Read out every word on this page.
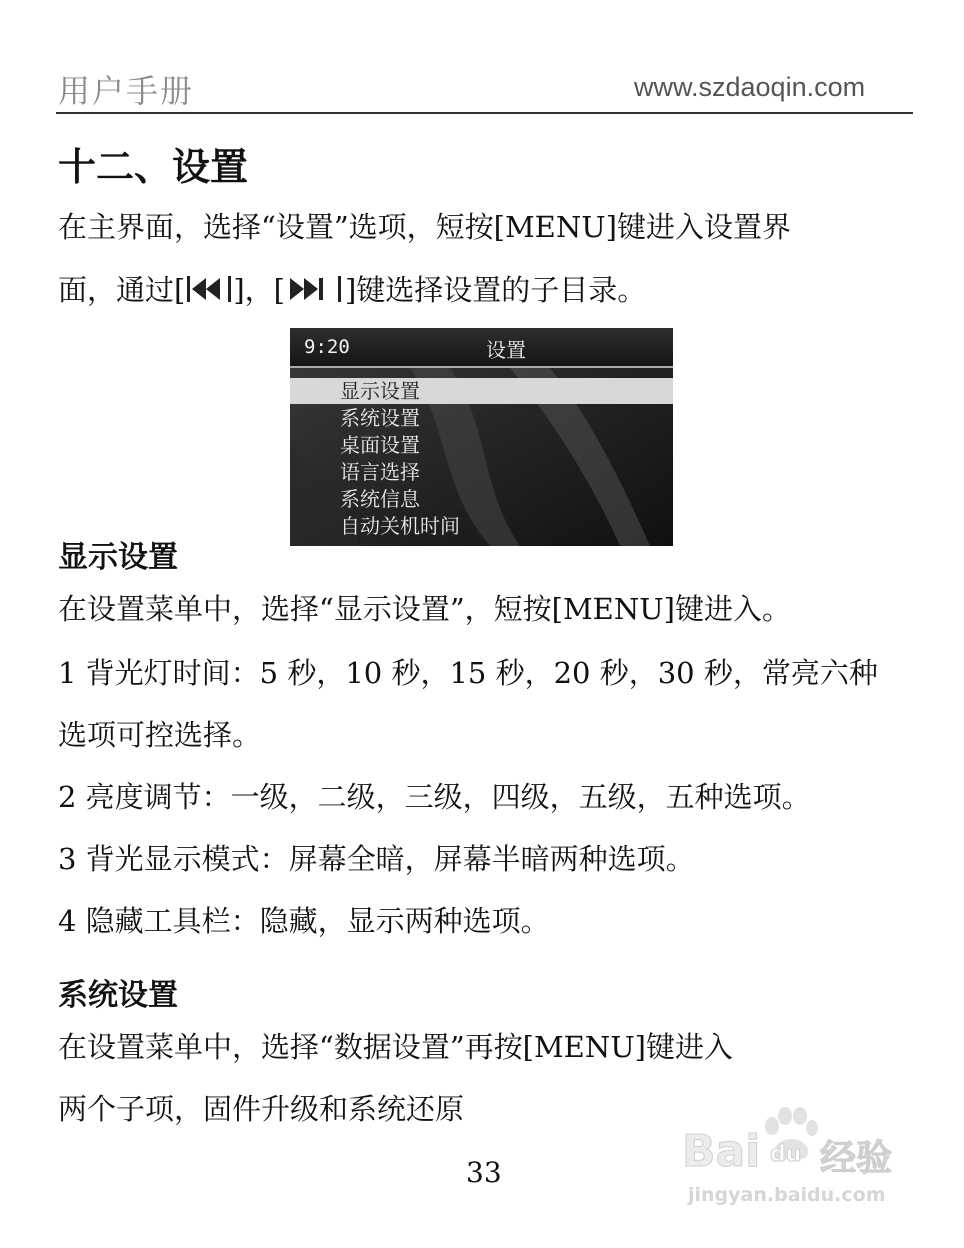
用户手册	www.szdaoqin.com
十二、设置
在主界面，选择“设置”选项，短按[MENU]键进入设置界
面，通过[ ]，[ ]键选择设置的子目录。
9:20	设置
显示设置
系统设置
桌面设置
语言选择
系统信息
自动关机时间
显示设置
在设置菜单中，选择“显示设置”，短按[MENU]键进入。
1 背光灯时间：5 秒，10 秒，15 秒，20 秒，30 秒，常亮六种
选项可控选择。
2 亮度调节：一级，二级，三级，四级，五级，五种选项。
3 背光显示模式：屏幕全暗，屏幕半暗两种选项。
4 隐藏工具栏：隐藏，显示两种选项。
系统设置
在设置菜单中，选择“数据设置”再按[MENU]键进入
两个子项，固件升级和系统还原
33	Bai du 经验
jingyan.baidu.com
